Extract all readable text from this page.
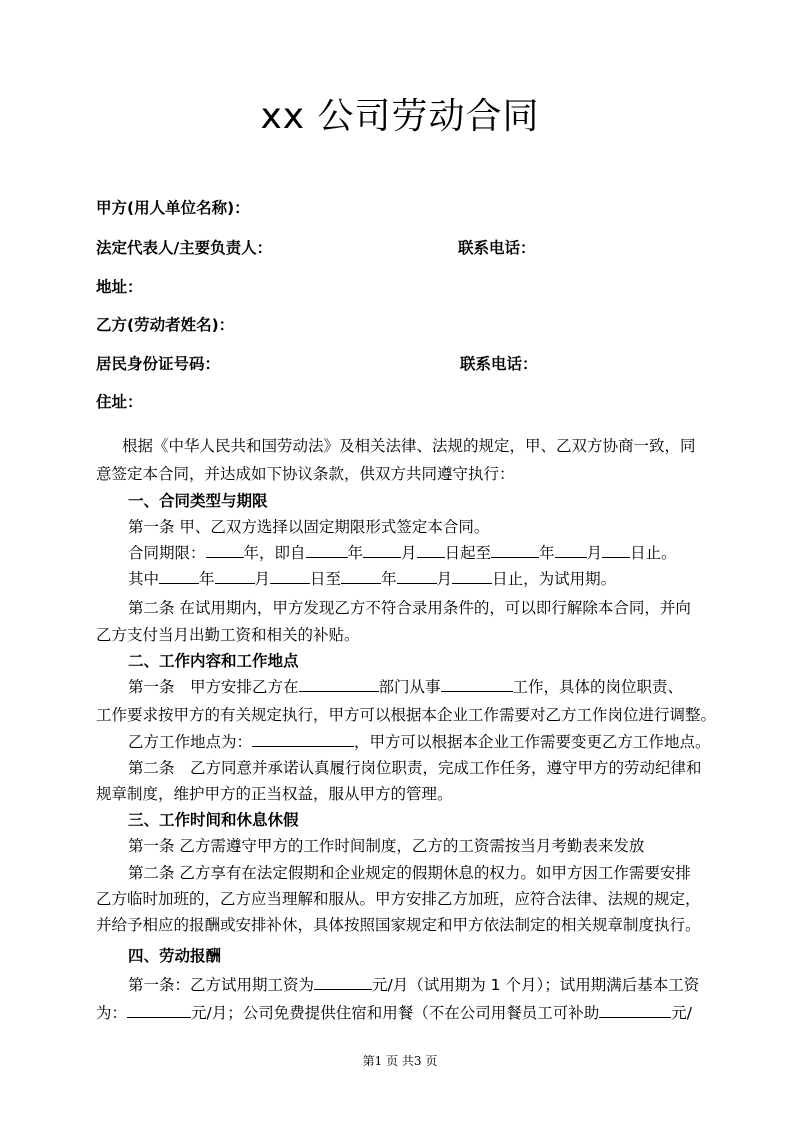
xx 公司劳动合同
甲方(用人单位名称)：
法定代表人/主要负责人：	联系电话：
地址：
乙方(劳动者姓名)：
居民身份证号码：	联系电话：
住址：
根据《中华人民共和国劳动法》及相关法律、法规的规定，甲、乙双方协商一致，同
意签定本合同，并达成如下协议条款，供双方共同遵守执行：
一、合同类型与期限
第一条 甲、乙双方选择以固定期限形式签定本合同。
合同期限： 年，即自	年 月 日起至	年 月 日止。
其中	年	月	日至	年	月	日止，为试用期。
第二条 在试用期内，甲方发现乙方不符合录用条件的，可以即行解除本合同，并向
乙方支付当月出勤工资和相关的补贴。
二、工作内容和工作地点
第一条　甲方安排乙方在	部门从事	工作，具体的岗位职责、
工作要求按甲方的有关规定执行，甲方可以根据本企业工作需要对乙方工作岗位进行调整。
乙方工作地点为：	，甲方可以根据本企业工作需要变更乙方工作地点。
第二条　乙方同意并承诺认真履行岗位职责，完成工作任务，遵守甲方的劳动纪律和
规章制度，维护甲方的正当权益，服从甲方的管理。
三、工作时间和休息休假
第一条 乙方需遵守甲方的工作时间制度，乙方的工资需按当月考勤表来发放
第二条 乙方享有在法定假期和企业规定的假期休息的权力。如甲方因工作需要安排
乙方临时加班的，乙方应当理解和服从。甲方安排乙方加班，应符合法律、法规的规定，
并给予相应的报酬或安排补休，具体按照国家规定和甲方依法制定的相关规章制度执行。
四、劳动报酬
第一条：乙方试用期工资为	元/月（试用期为 1 个月）；试用期满后基本工资
为：	元/月；公司免费提供住宿和用餐（不在公司用餐员工可补助	元/
第1 页 共3 页
